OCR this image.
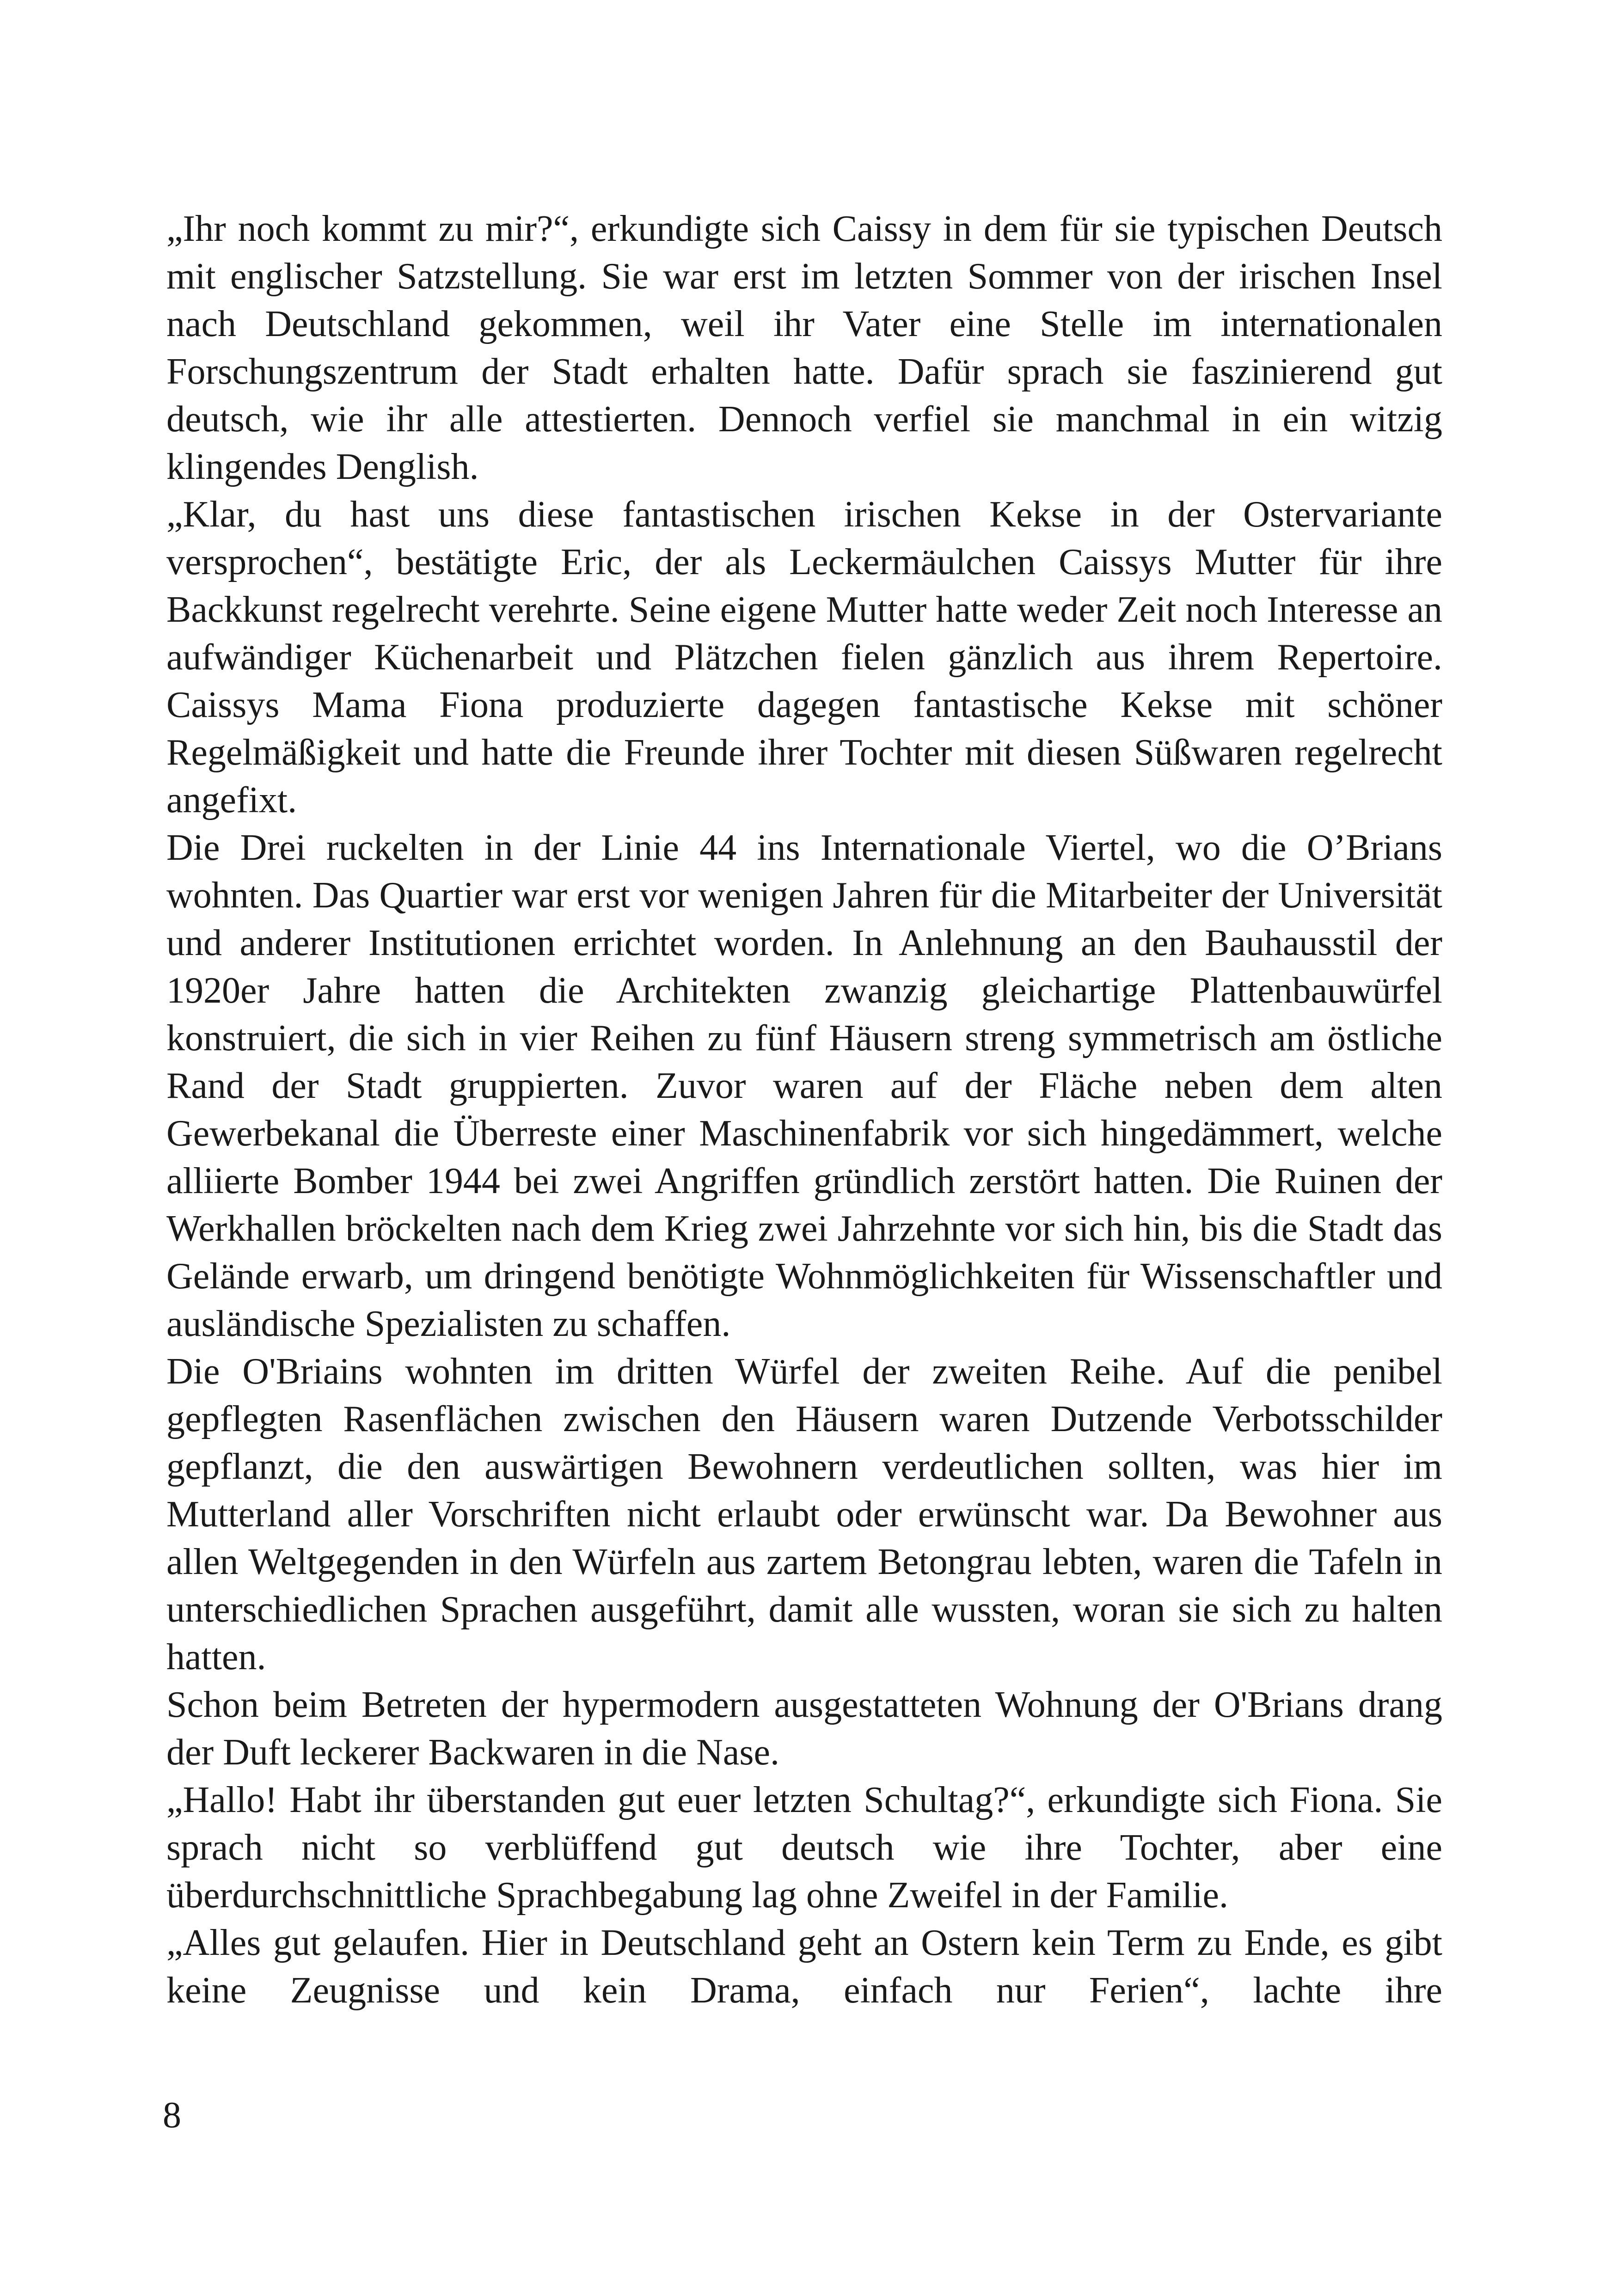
„Ihr noch kommt zu mir?“, erkundigte sich Caissy in dem für sie typischen Deutsch mit englischer Satzstellung. Sie war erst im letzten Sommer von der irischen Insel nach Deutschland gekommen, weil ihr Vater eine Stelle im internationalen Forschungszentrum der Stadt erhalten hatte. Dafür sprach sie faszinierend gut deutsch, wie ihr alle attestierten. Dennoch verfiel sie manchmal in ein witzig klingendes Denglish.

„Klar, du hast uns diese fantastischen irischen Kekse in der Ostervariante versprochen“, bestätigte Eric, der als Leckermäulchen Caissys Mutter für ihre Backkunst regelrecht verehrte. Seine eigene Mutter hatte weder Zeit noch Interesse an aufwändiger Küchenarbeit und Plätzchen fielen gänzlich aus ihrem Repertoire. Caissys Mama Fiona produzierte dagegen fantastische Kekse mit schöner Regelmäßigkeit und hatte die Freunde ihrer Tochter mit diesen Süßwaren regelrecht angefixt.

Die Drei ruckelten in der Linie 44 ins Internationale Viertel, wo die O’Brians wohnten. Das Quartier war erst vor wenigen Jahren für die Mitarbeiter der Universität und anderer Institutionen errichtet worden. In Anlehnung an den Bauhausstil der 1920er Jahre hatten die Architekten zwanzig gleichartige Plattenbauwürfel konstruiert, die sich in vier Reihen zu fünf Häusern streng symmetrisch am östliche Rand der Stadt gruppierten. Zuvor waren auf der Fläche neben dem alten Gewerbekanal die Überreste einer Maschinenfabrik vor sich hingedämmert, welche alliierte Bomber 1944 bei zwei Angriffen gründlich zerstört hatten. Die Ruinen der Werkhallen bröckelten nach dem Krieg zwei Jahrzehnte vor sich hin, bis die Stadt das Gelände erwarb, um dringend benötigte Wohnmöglichkeiten für Wissenschaftler und ausländische Spezialisten zu schaffen.

Die O'Briains wohnten im dritten Würfel der zweiten Reihe. Auf die penibel gepflegten Rasenflächen zwischen den Häusern waren Dutzende Verbotsschilder gepflanzt, die den auswärtigen Bewohnern verdeutlichen sollten, was hier im Mutterland aller Vorschriften nicht erlaubt oder erwünscht war. Da Bewohner aus allen Weltgegenden in den Würfeln aus zartem Betongrau lebten, waren die Tafeln in unterschiedlichen Sprachen ausgeführt, damit alle wussten, woran sie sich zu halten hatten.

Schon beim Betreten der hypermodern ausgestatteten Wohnung der O'Brians drang der Duft leckerer Backwaren in die Nase.

„Hallo! Habt ihr überstanden gut euer letzten Schultag?“, erkundigte sich Fiona. Sie sprach nicht so verblüffend gut deutsch wie ihre Tochter, aber eine überdurchschnittliche Sprachbegabung lag ohne Zweifel in der Familie.

„Alles gut gelaufen. Hier in Deutschland geht an Ostern kein Term zu Ende, es gibt keine Zeugnisse und kein Drama, einfach nur Ferien“, lachte ihre

8
